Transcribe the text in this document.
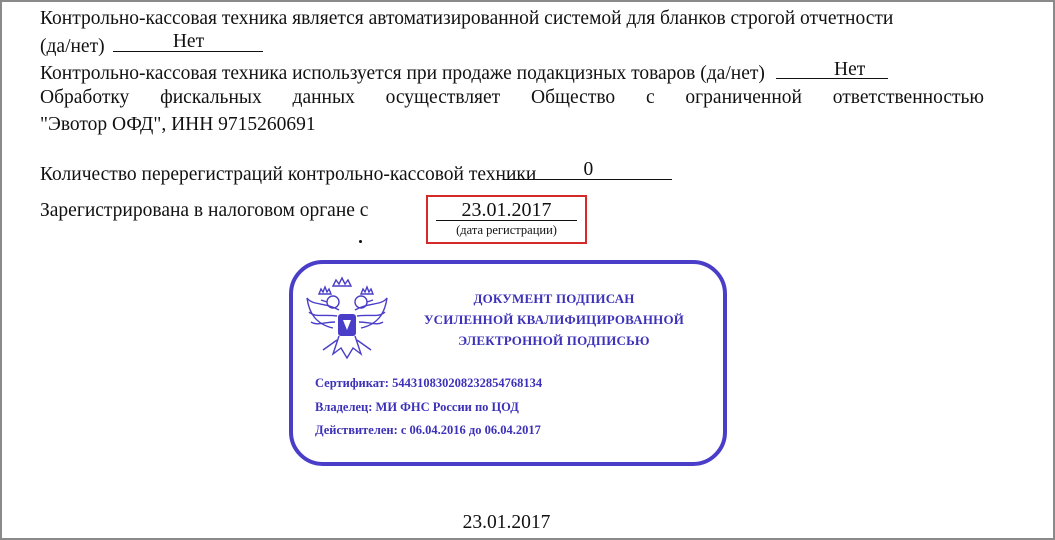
Контрольно-кассовая техника является автоматизированной системой для бланков строгой отчетности
(да/нет)	Нет
Контрольно-кассовая техника используется при продаже подакцизных товаров (да/нет)	Нет
Обработку фискальных данных осуществляет Общество с ограниченной ответственностью
"Эвотор ОФД", ИНН 9715260691
Количество перерегистраций контрольно-кассовой техники	0
Зарегистрирована в налоговом органе с	23.01.2017
(дата регистрации)
ДОКУМЕНТ ПОДПИСАН
УСИЛЕННОЙ КВАЛИФИЦИРОВАННОЙ
ЭЛЕКТРОННОЙ ПОДПИСЬЮ
Сертификат: 54431083020823285476813​4
Владелец: МИ ФНС России по ЦОД
Действителен: с 06.04.2016 до 06.04.2017
23.01.2017
